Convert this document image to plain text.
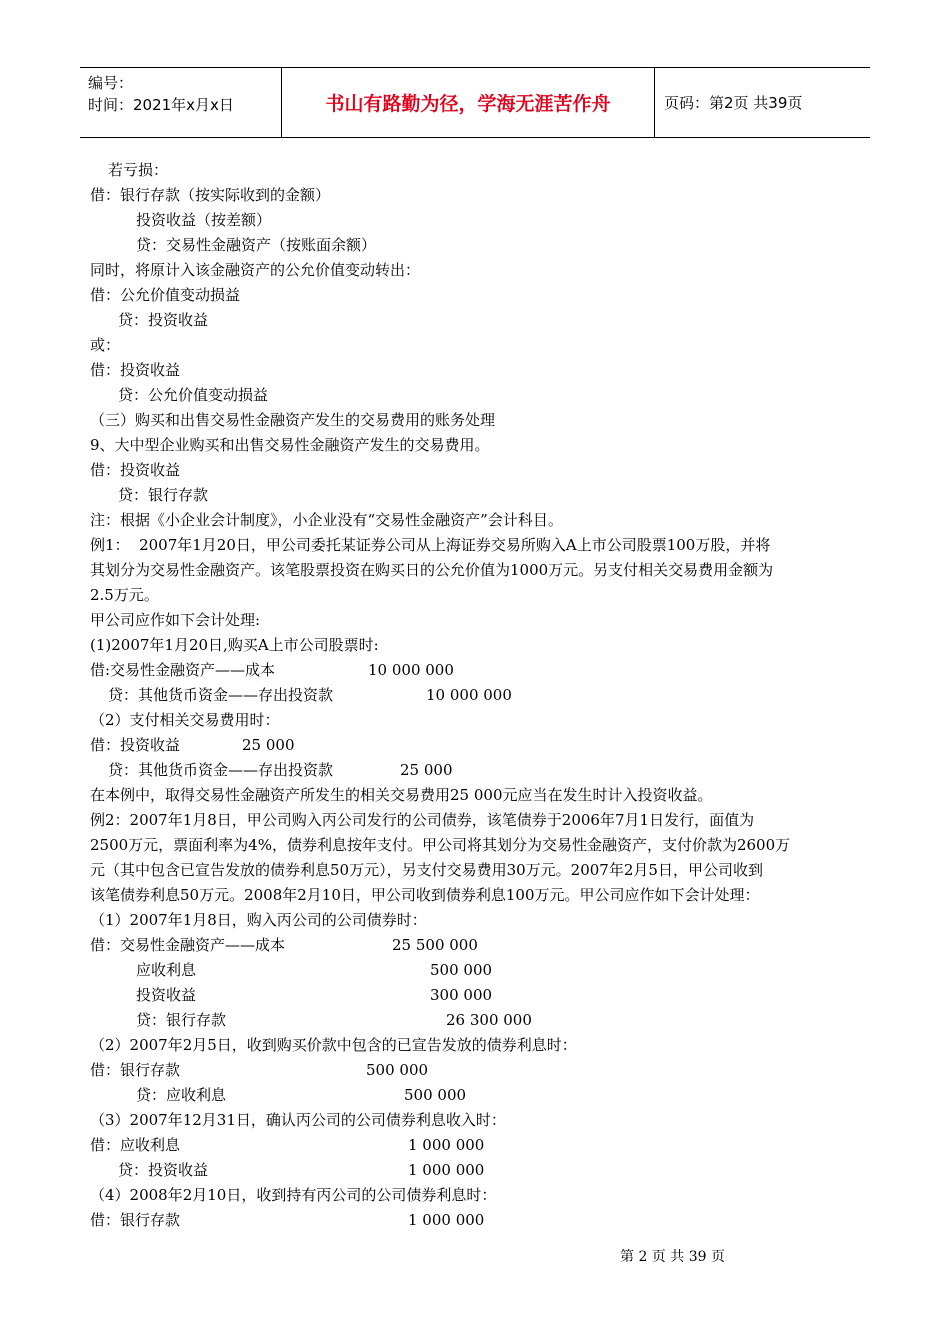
编号：
时间：2021年x月x日	书山有路勤为径，学海无涯苦作舟	页码：第2页 共39页
若亏损：
借：银行存款（按实际收到的金额）
投资收益（按差额）
贷：交易性金融资产（按账面余额）
同时，将原计入该金融资产的公允价值变动转出：
借：公允价值变动损益
贷：投资收益
或：
借：投资收益
贷：公允价值变动损益
（三）购买和出售交易性金融资产发生的交易费用的账务处理
9、大中型企业购买和出售交易性金融资产发生的交易费用。
借：投资收益
贷：银行存款
注：根据《小企业会计制度》，小企业没有“交易性金融资产”会计科目。
例1：  2007年1月20日，甲公司委托某证券公司从上海证券交易所购入A上市公司股票100万股，并将
其划分为交易性金融资产。该笔股票投资在购买日的公允价值为1000万元。另支付相关交易费用金额为
2.5万元。
甲公司应作如下会计处理:
(1)2007年1月20日,购买A上市公司股票时:
借:交易性金融资产——成本	10 000 000
贷：其他货币资金——存出投资款	10 000 000
（2）支付相关交易费用时：
借：投资收益	25 000
贷：其他货币资金——存出投资款	25 000
在本例中，取得交易性金融资产所发生的相关交易费用25 000元应当在发生时计入投资收益。
例2：2007年1月8日，甲公司购入丙公司发行的公司债券，该笔债券于2006年7月1日发行，面值为
2500万元，票面利率为4%，债券利息按年支付。甲公司将其划分为交易性金融资产，支付价款为2600万
元（其中包含已宣告发放的债券利息50万元），另支付交易费用30万元。2007年2月5日，甲公司收到
该笔债券利息50万元。2008年2月10日，甲公司收到债券利息100万元。甲公司应作如下会计处理：
（1）2007年1月8日，购入丙公司的公司债券时：
借：交易性金融资产——成本	25 500 000
应收利息	500 000
投资收益	300 000
贷：银行存款	26 300 000
（2）2007年2月5日，收到购买价款中包含的已宣告发放的债券利息时：
借：银行存款	500 000
贷：应收利息	500 000
（3）2007年12月31日，确认丙公司的公司债券利息收入时：
借：应收利息	1 000 000
贷：投资收益	1 000 000
（4）2008年2月10日，收到持有丙公司的公司债券利息时：
借：银行存款	1 000 000
第 2 页 共 39 页
